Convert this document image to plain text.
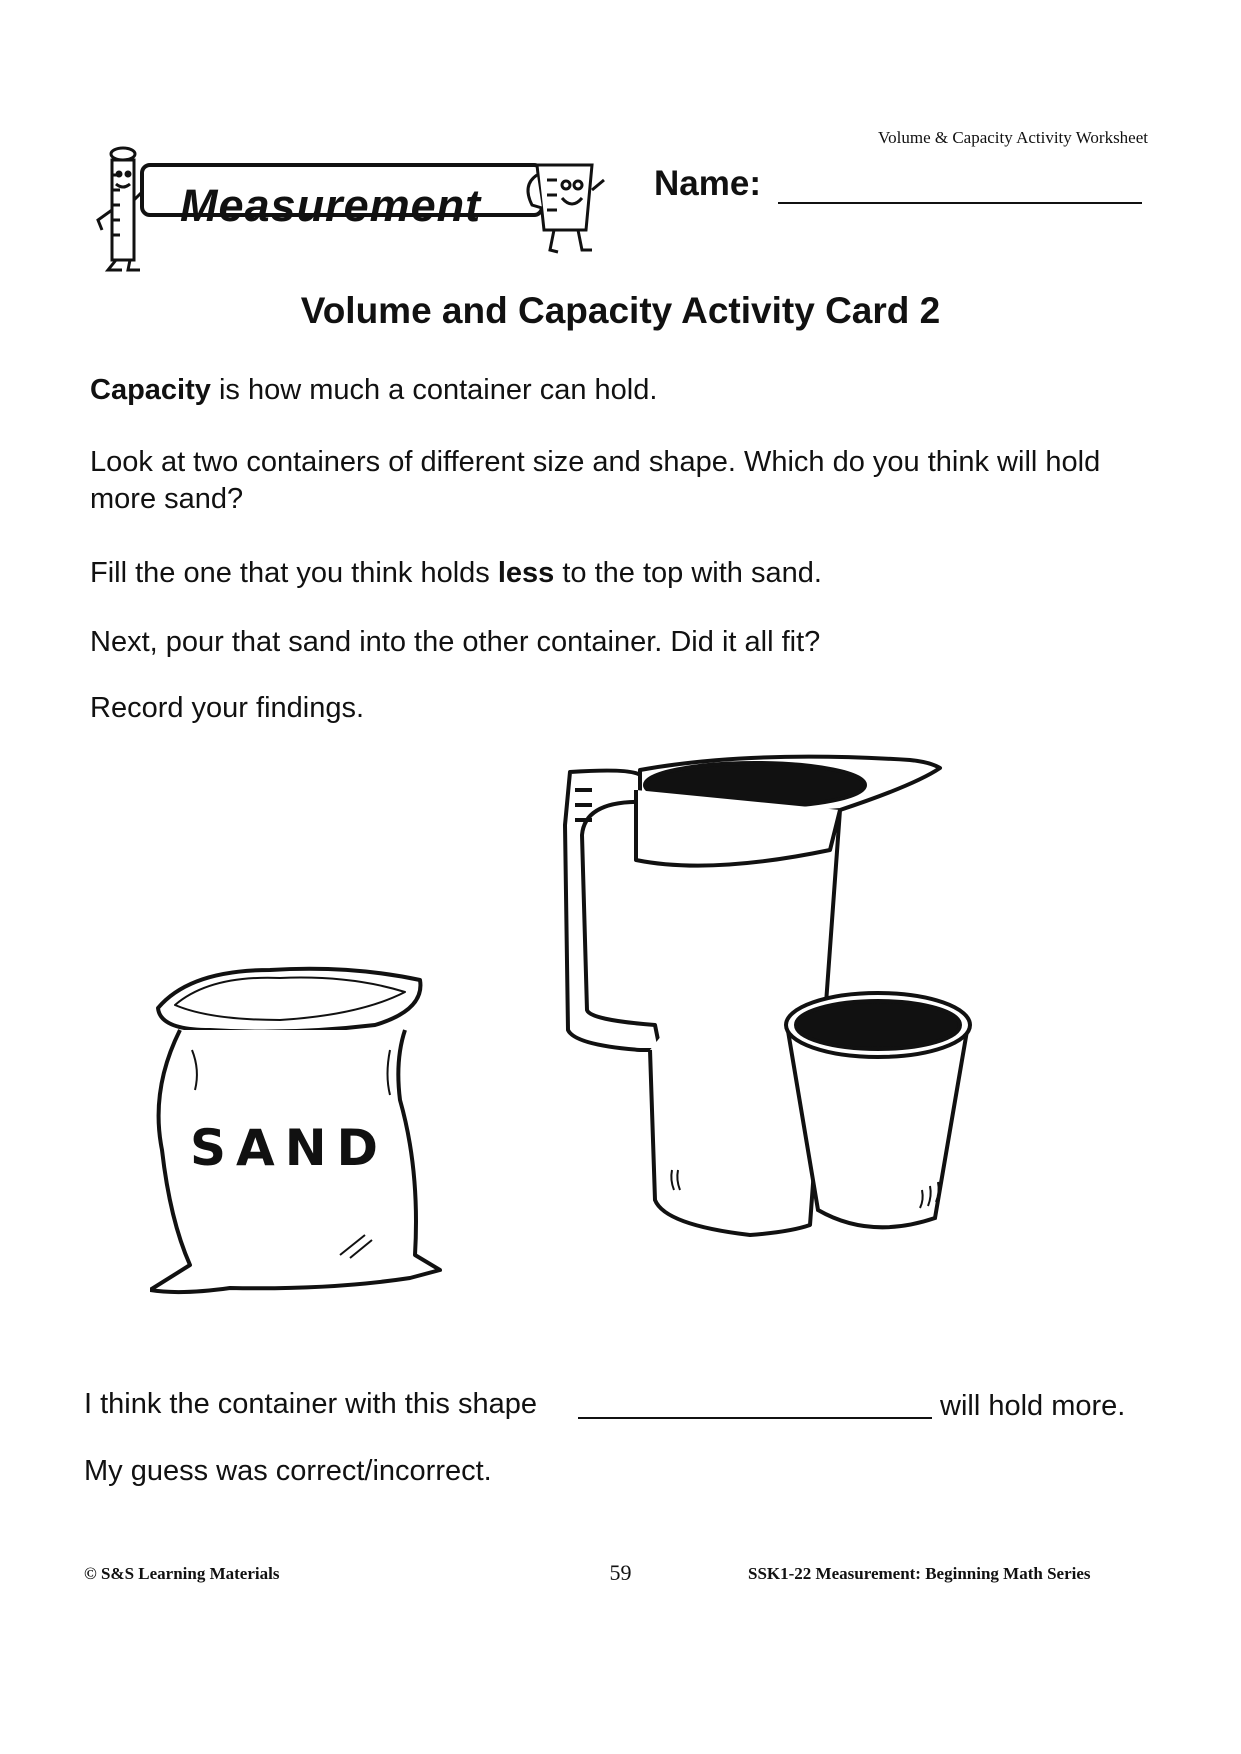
Volume & Capacity Activity Worksheet
Measurement	Name:
Volume and Capacity Activity Card 2
Capacity is how much a container can hold.
Look at two containers of different size and shape. Which do you think will hold more sand?
Fill the one that you think holds less to the top with sand.
Next, pour that sand into the other container. Did it all fit?
Record your findings.
SAND
I think the container with this shape	will hold more.
My guess was correct/incorrect.
© S&S Learning Materials	59	SSK1-22 Measurement: Beginning Math Series
